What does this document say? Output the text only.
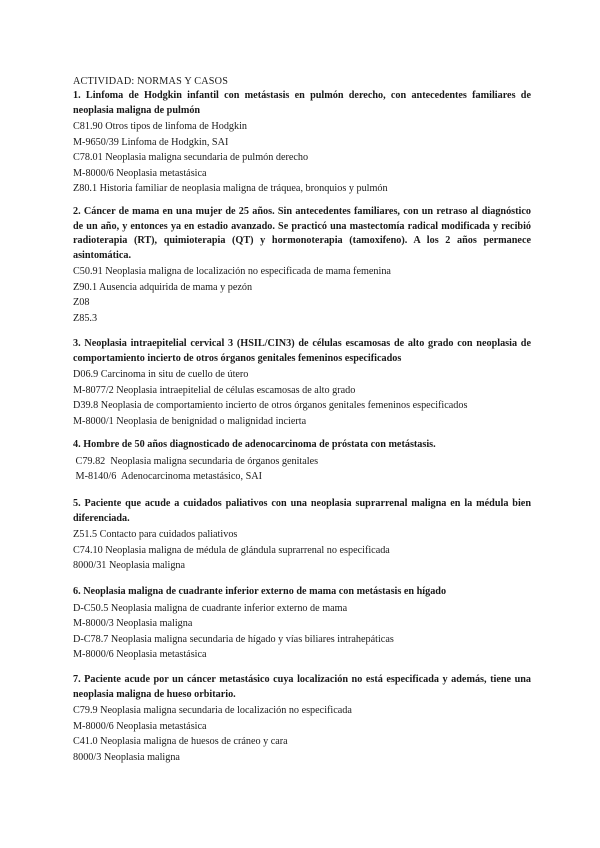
ACTIVIDAD: NORMAS Y CASOS
1. Linfoma de Hodgkin infantil con metástasis en pulmón derecho, con antecedentes familiares de neoplasia maligna de pulmón
C81.90 Otros tipos de linfoma de Hodgkin
M-9650/39 Linfoma de Hodgkin, SAI
C78.01 Neoplasia maligna secundaria de pulmón derecho
M-8000/6 Neoplasia metastásica
Z80.1 Historia familiar de neoplasia maligna de tráquea, bronquios y pulmón
2. Cáncer de mama en una mujer de 25 años. Sin antecedentes familiares, con un retraso al diagnóstico de un año, y entonces ya en estadio avanzado. Se practicó una mastectomía radical modificada y recibió radioterapia (RT), quimioterapia (QT) y hormonoterapia (tamoxifeno). A los 2 años permanece asintomática.
C50.91 Neoplasia maligna de localización no especificada de mama femenina
Z90.1 Ausencia adquirida de mama y pezón
Z08
Z85.3
3. Neoplasia intraepitelial cervical 3 (HSIL/CIN3) de células escamosas de alto grado con neoplasia de comportamiento incierto de otros órganos genitales femeninos especificados
D06.9 Carcinoma in situ de cuello de útero
M-8077/2 Neoplasia intraepitelial de células escamosas de alto grado
D39.8 Neoplasia de comportamiento incierto de otros órganos genitales femeninos especificados
M-8000/1 Neoplasia de benignidad o malignidad incierta
4. Hombre de 50 años diagnosticado de adenocarcinoma de próstata con metástasis.
C79.82  Neoplasia maligna secundaria de órganos genitales
M-8140/6  Adenocarcinoma metastásico, SAI
5. Paciente que acude a cuidados paliativos con una neoplasia suprarrenal maligna en la médula bien diferenciada.
Z51.5 Contacto para cuidados paliativos
C74.10 Neoplasia maligna de médula de glándula suprarrenal no especificada
8000/31 Neoplasia maligna
6. Neoplasia maligna de cuadrante inferior externo de mama con metástasis en hígado
D-C50.5 Neoplasia maligna de cuadrante inferior externo de mama
M-8000/3 Neoplasia maligna
D-C78.7 Neoplasia maligna secundaria de hígado y vías biliares intrahepáticas
M-8000/6 Neoplasia metastásica
7. Paciente acude por un cáncer metastásico cuya localización no está especificada y además, tiene una neoplasia maligna de hueso orbitario.
C79.9 Neoplasia maligna secundaria de localización no especificada
M-8000/6 Neoplasia metastásica
C41.0 Neoplasia maligna de huesos de cráneo y cara
8000/3 Neoplasia maligna
